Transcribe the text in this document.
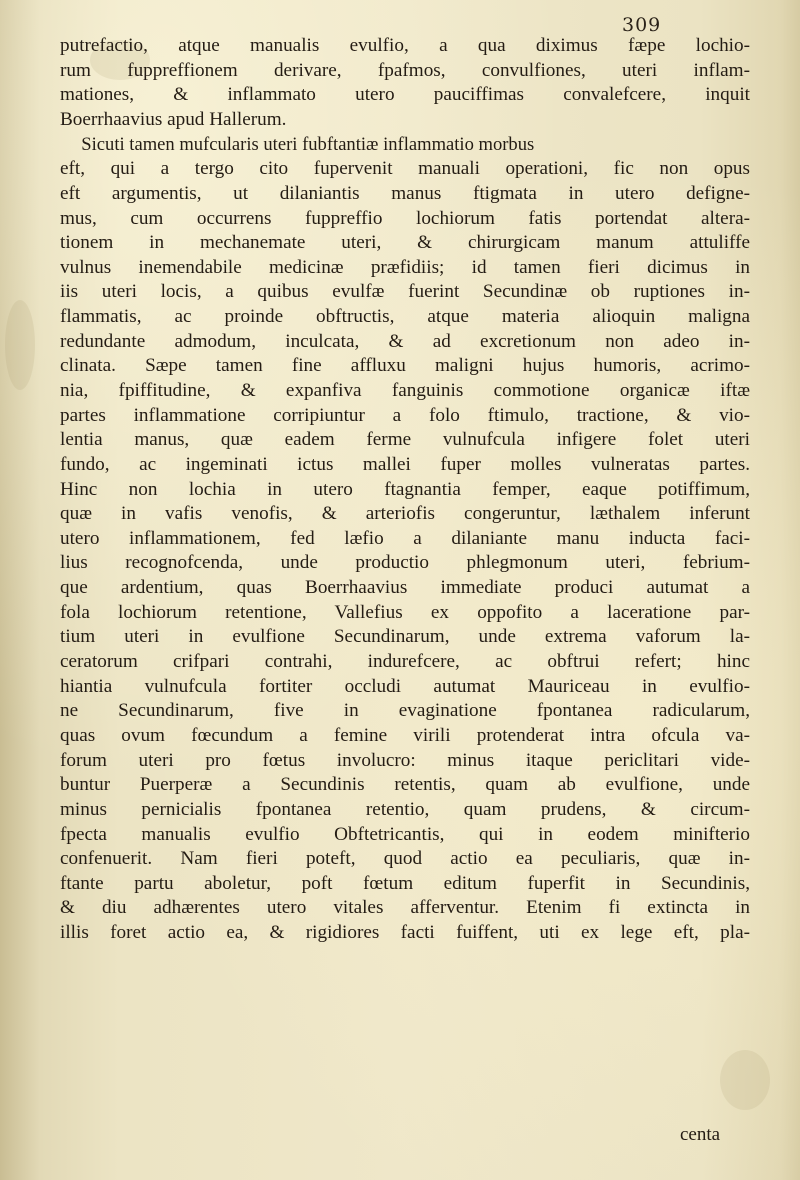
309
putrefactio, atque manualis evulfio, a qua diximus fæpe lochio-
rum fuppreffionem derivare, fpafmos, convulfiones, uteri inflam-
mationes, & inflammato utero pauciffimas convalefcere, inquit
Boerrhaavius apud Hallerum.
Sicuti tamen mufcularis uteri fubftantiæ inflammatio morbus
eft, qui a tergo cito fupervenit manuali operationi, fic non opus
eft argumentis, ut dilaniantis manus ftigmata in utero defigne-
mus, cum occurrens fuppreffio lochiorum fatis portendat altera-
tionem in mechanemate uteri, & chirurgicam manum attuliffe
vulnus inemendabile medicinæ præfidiis; id tamen fieri dicimus in
iis uteri locis, a quibus evulfæ fuerint Secundinæ ob ruptiones in-
flammatis, ac proinde obftructis, atque materia alioquin maligna
redundante admodum, inculcata, & ad excretionum non adeo in-
clinata. Sæpe tamen fine affluxu maligni hujus humoris, acrimo-
nia, fpiffitudine, & expanfiva fanguinis commotione organicæ iftæ
partes inflammatione corripiuntur a folo ftimulo, tractione, & vio-
lentia manus, quæ eadem ferme vulnufcula infigere folet uteri
fundo, ac ingeminati ictus mallei fuper molles vulneratas partes.
Hinc non lochia in utero ftagnantia femper, eaque potiffimum,
quæ in vafis venofis, & arteriofis congeruntur, læthalem inferunt
utero inflammationem, fed læfio a dilaniante manu inducta faci-
lius recognofcenda, unde productio phlegmonum uteri, febrium-
que ardentium, quas Boerrhaavius immediate produci autumat a
fola lochiorum retentione, Vallefius ex oppofito a laceratione par-
tium uteri in evulfione Secundinarum, unde extrema vaforum la-
ceratorum crifpari contrahi, indurefcere, ac obftrui refert; hinc
hiantia vulnufcula fortiter occludi autumat Mauriceau in evulfio-
ne Secundinarum, five in evaginatione fpontanea radicularum,
quas ovum fœcundum a femine virili protenderat intra ofcula va-
forum uteri pro fœtus involucro: minus itaque periclitari vide-
buntur Puerperæ a Secundinis retentis, quam ab evulfione, unde
minus pernicialis fpontanea retentio, quam prudens, & circum-
fpecta manualis evulfio Obftetricantis, qui in eodem minifterio
confenuerit. Nam fieri poteft, quod actio ea peculiaris, quæ in-
ftante partu aboletur, poft fœtum editum fuperfit in Secundinis,
& diu adhærentes utero vitales afferventur. Etenim fi extincta in
illis foret actio ea, & rigidiores facti fuiffent, uti ex lege eft, pla-
centa
